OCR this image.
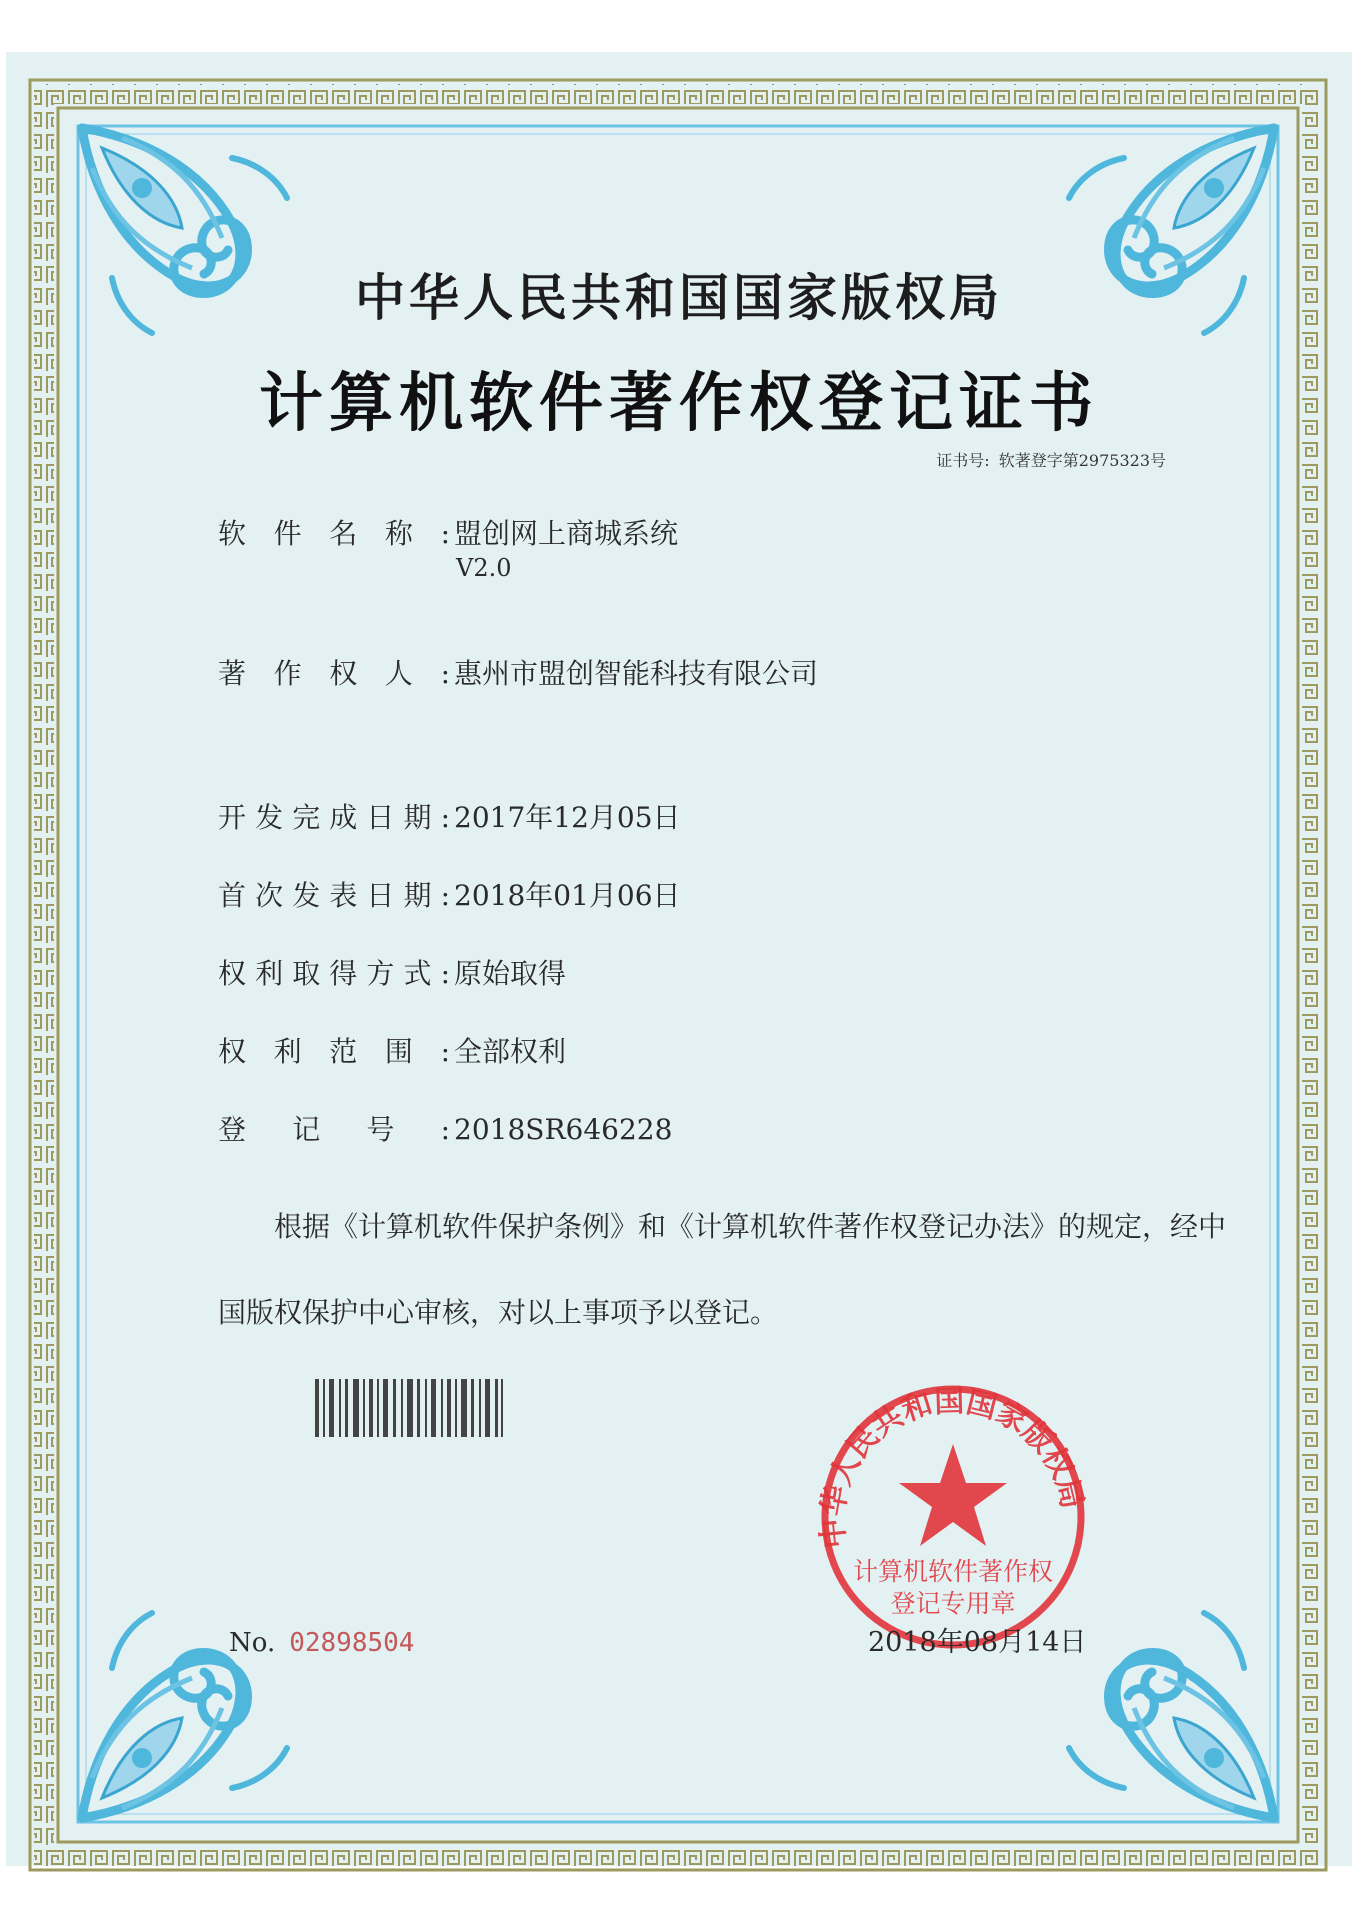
中华人民共和国国家版权局
计算机软件著作权登记证书
证书号: 软著登字第2975323号
软件名称: 盟创网上商城系统
V2.0
著作权人: 惠州市盟创智能科技有限公司
开发完成日期: 2017年12月05日
首次发表日期: 2018年01月06日
权利取得方式: 原始取得
权利范围: 全部权利
登记号: 2018SR646228
根据《计算机软件保护条例》和《计算机软件著作权登记办法》的规定，经中国版权保护中心审核，对以上事项予以登记。
中华人民共和国国家版权局
计算机软件著作权
登记专用章
No. 02898504	2018年08月14日
